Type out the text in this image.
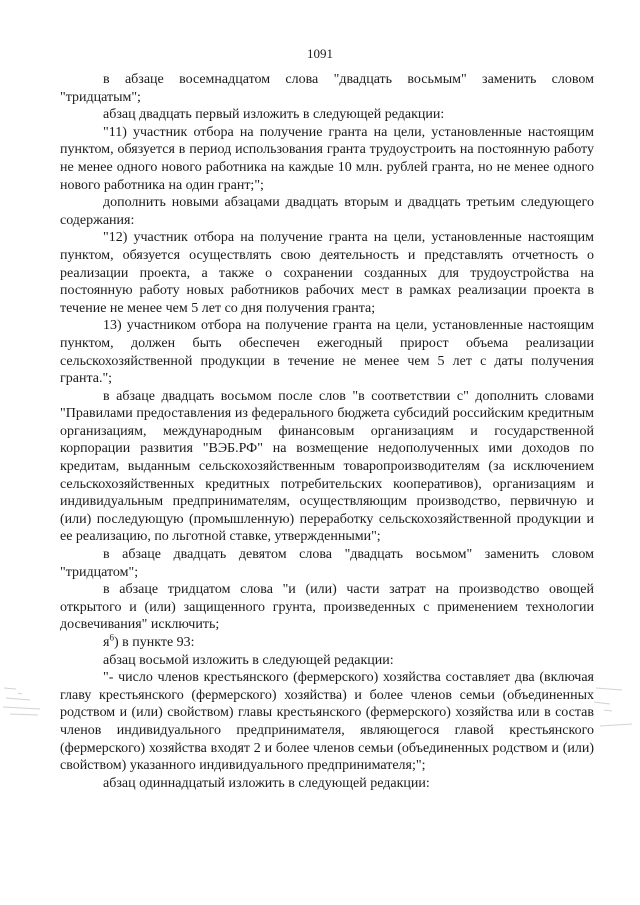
1091

в абзаце восемнадцатом слова "двадцать восьмым" заменить словом "тридцатым";

абзац двадцать первый изложить в следующей редакции:

"11) участник отбора на получение гранта на цели, установленные настоящим пунктом, обязуется в период использования гранта трудоустроить на постоянную работу не менее одного нового работника на каждые 10 млн. рублей гранта, но не менее одного нового работника на один грант;";

дополнить новыми абзацами двадцать вторым и двадцать третьим следующего содержания:

"12) участник отбора на получение гранта на цели, установленные настоящим пунктом, обязуется осуществлять свою деятельность и представлять отчетность о реализации проекта, а также о сохранении созданных для трудоустройства на постоянную работу новых работников рабочих мест в рамках реализации проекта в течение не менее чем 5 лет со дня получения гранта;

13) участником отбора на получение гранта на цели, установленные настоящим пунктом, должен быть обеспечен ежегодный прирост объема реализации сельскохозяйственной продукции в течение не менее чем 5 лет с даты получения гранта.";

в абзаце двадцать восьмом после слов "в соответствии с" дополнить словами "Правилами предоставления из федерального бюджета субсидий российским кредитным организациям, международным финансовым организациям и государственной корпорации развития "ВЭБ.РФ" на возмещение недополученных ими доходов по кредитам, выданным сельскохозяйственным товаропроизводителям (за исключением сельскохозяйственных кредитных потребительских кооперативов), организациям и индивидуальным предпринимателям, осуществляющим производство, первичную и (или) последующую (промышленную) переработку сельскохозяйственной продукции и ее реализацию, по льготной ставке, утвержденными";

в абзаце двадцать девятом слова "двадцать восьмом" заменить словом "тридцатом";

в абзаце тридцатом слова "и (или) части затрат на производство овощей открытого и (или) защищенного грунта, произведенных с применением технологии досвечивания" исключить;

$я^6$) в пункте 93:

абзац восьмой изложить в следующей редакции:

"- число членов крестьянского (фермерского) хозяйства составляет два (включая главу крестьянского (фермерского) хозяйства) и более членов семьи (объединенных родством и (или) свойством) главы крестьянского (фермерского) хозяйства или в состав членов индивидуального предпринимателя, являющегося главой крестьянского (фермерского) хозяйства входят 2 и более членов семьи (объединенных родством и (или) свойством) указанного индивидуального предпринимателя;";

абзац одиннадцатый изложить в следующей редакции:
